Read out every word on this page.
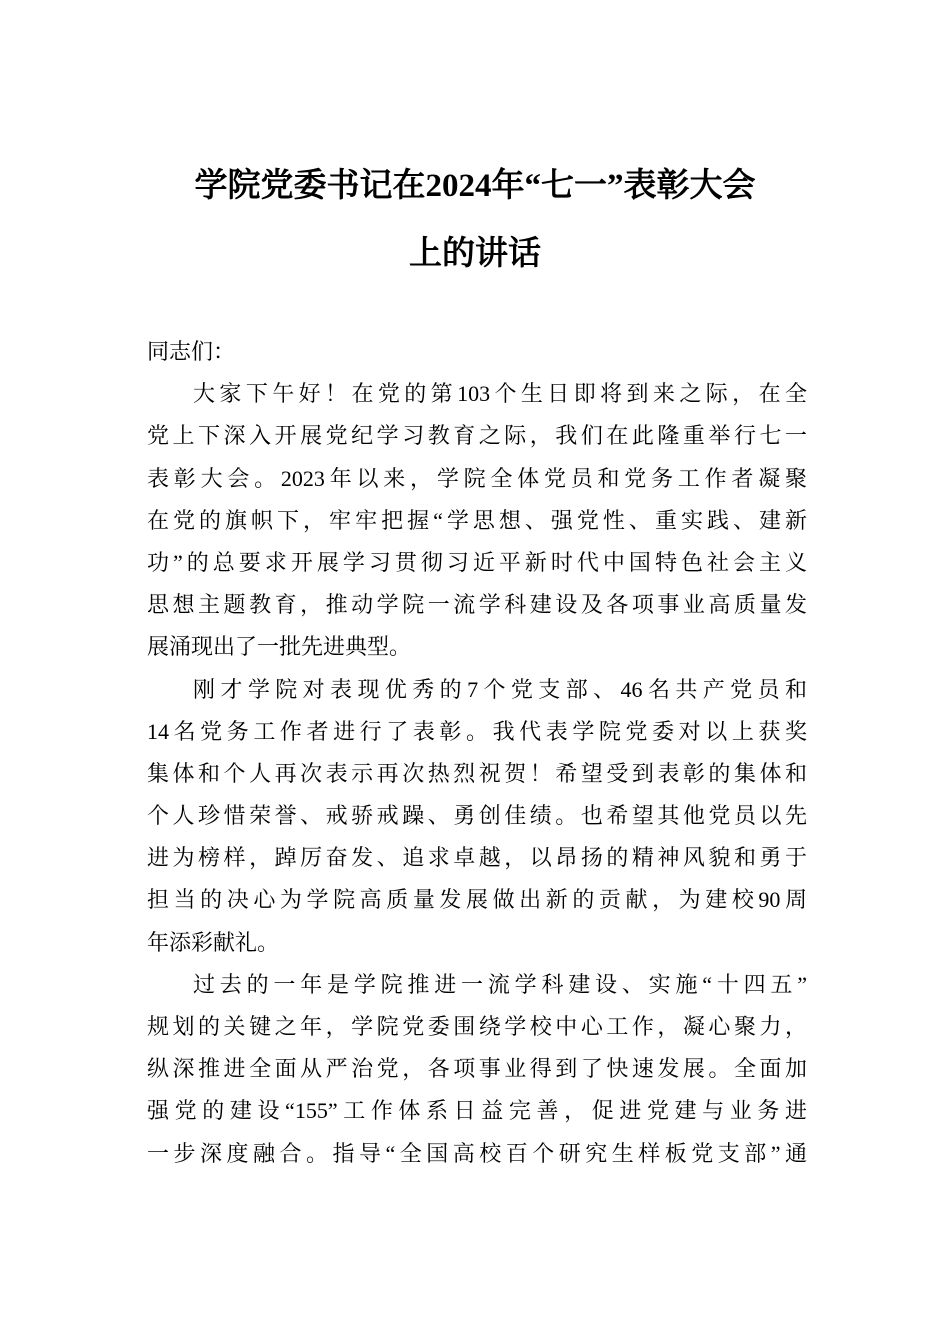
学院党委书记在2024年“七一”表彰大会
上的讲话
同志们：
大家下午好！在党的第103个生日即将到来之际，在全
党上下深入开展党纪学习教育之际，我们在此隆重举行七一
表彰大会。2023年以来，学院全体党员和党务工作者凝聚
在党的旗帜下，牢牢把握“学思想、强党性、重实践、建新
功”的总要求开展学习贯彻习近平新时代中国特色社会主义
思想主题教育，推动学院一流学科建设及各项事业高质量发
展涌现出了一批先进典型。
刚才学院对表现优秀的7个党支部、46名共产党员和
14名党务工作者进行了表彰。我代表学院党委对以上获奖
集体和个人再次表示再次热烈祝贺！希望受到表彰的集体和
个人珍惜荣誉、戒骄戒躁、勇创佳绩。也希望其他党员以先
进为榜样，踔厉奋发、追求卓越，以昂扬的精神风貌和勇于
担当的决心为学院高质量发展做出新的贡献，为建校90周
年添彩献礼。
过去的一年是学院推进一流学科建设、实施“十四五”
规划的关键之年，学院党委围绕学校中心工作，凝心聚力，
纵深推进全面从严治党，各项事业得到了快速发展。全面加
强党的建设“155”工作体系日益完善，促进党建与业务进
一步深度融合。指导“全国高校百个研究生样板党支部”通
